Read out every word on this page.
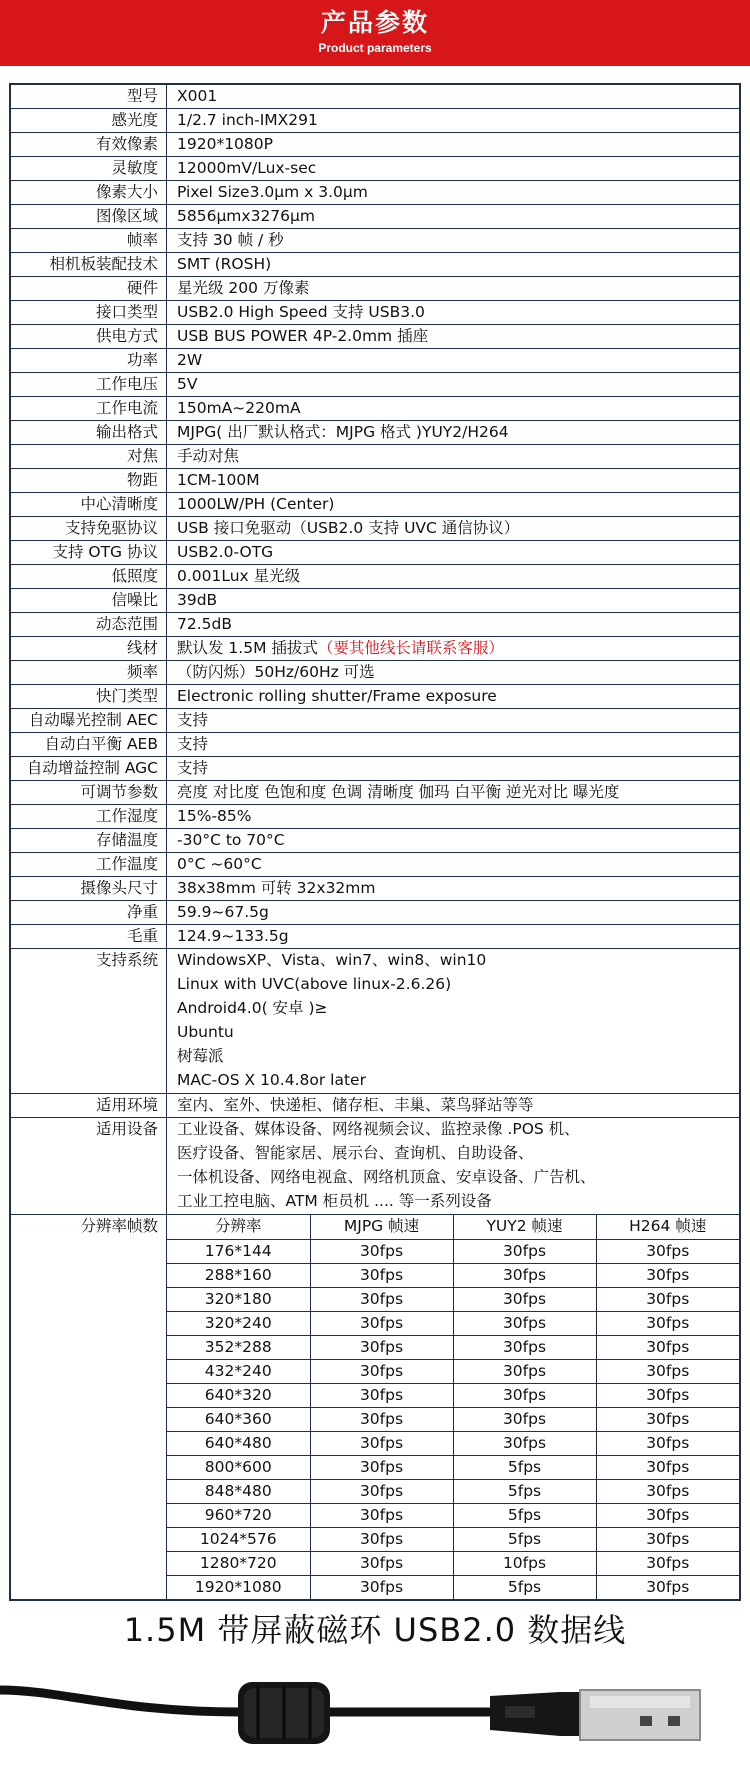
产品参数
Product parameters
型号	X001
感光度	1/2.7 inch-IMX291
有效像素	1920*1080P
灵敏度	12000mV/Lux-sec
像素大小	Pixel Size3.0μm x 3.0μm
图像区域	5856μmx3276μm
帧率	支持 30 帧 / 秒
相机板装配技术	SMT (ROSH)
硬件	星光级 200 万像素
接口类型	USB2.0 High Speed 支持 USB3.0
供电方式	USB BUS POWER 4P-2.0mm 插座
功率	2W
工作电压	5V
工作电流	150mA~220mA
输出格式	MJPG( 出厂默认格式：MJPG 格式 )YUY2/H264
对焦	手动对焦
物距	1CM-100M
中心清晰度	1000LW/PH (Center)
支持免驱协议	USB 接口免驱动（USB2.0 支持 UVC 通信协议）
支持 OTG 协议	USB2.0-OTG
低照度	0.001Lux 星光级
信噪比	39dB
动态范围	72.5dB
线材	默认发 1.5M 插拔式（要其他线长请联系客服）
频率	（防闪烁）50Hz/60Hz 可选
快门类型	Electronic rolling shutter/Frame exposure
自动曝光控制 AEC	支持
自动白平衡 AEB	支持
自动增益控制 AGC	支持
可调节参数	亮度 对比度 色饱和度 色调 清晰度 伽玛 白平衡 逆光对比 曝光度
工作湿度	15%-85%
存储温度	-30°C to 70°C
工作温度	0°C ~60°C
摄像头尺寸	38x38mm 可转 32x32mm
净重	59.9~67.5g
毛重	124.9~133.5g
支持系统	WindowsXP、Vista、win7、win8、win10
Linux with UVC(above linux-2.6.26)
Android4.0( 安卓 )≥
Ubuntu
树莓派
MAC-OS X 10.4.8or later
适用环境	室内、室外、快递柜、储存柜、丰巢、菜鸟驿站等等
适用设备	工业设备、媒体设备、网络视频会议、监控录像 .POS 机、
医疗设备、智能家居、展示台、查询机、自助设备、
一体机设备、网络电视盒、网络机顶盒、安卓设备、广告机、
工业工控电脑、ATM 柜员机 .... 等一系列设备
分辨率帧数	分辨率	MJPG 帧速	YUY2 帧速	H264 帧速
176*144	30fps	30fps	30fps
288*160	30fps	30fps	30fps
320*180	30fps	30fps	30fps
320*240	30fps	30fps	30fps
352*288	30fps	30fps	30fps
432*240	30fps	30fps	30fps
640*320	30fps	30fps	30fps
640*360	30fps	30fps	30fps
640*480	30fps	30fps	30fps
800*600	30fps	5fps	30fps
848*480	30fps	5fps	30fps
960*720	30fps	5fps	30fps
1024*576	30fps	5fps	30fps
1280*720	30fps	10fps	30fps
1920*1080	30fps	5fps	30fps
1.5M 带屏蔽磁环 USB2.0 数据线
